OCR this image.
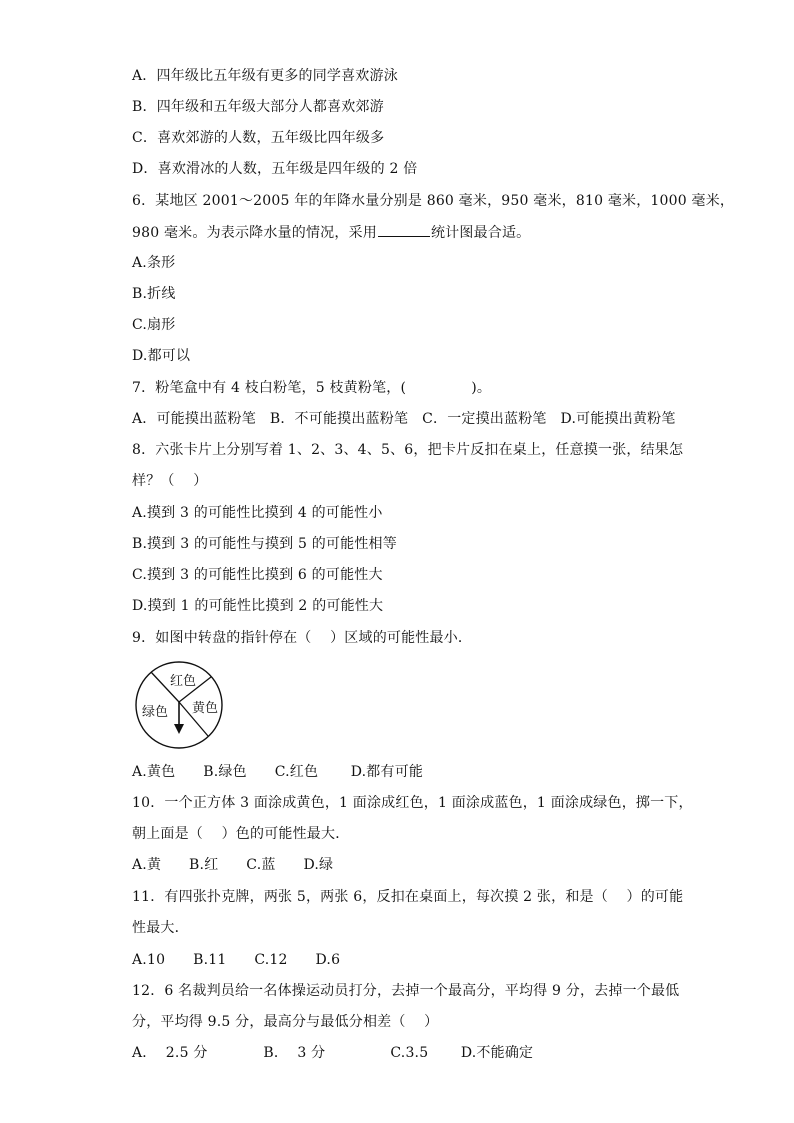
A．四年级比五年级有更多的同学喜欢游泳
B．四年级和五年级大部分人都喜欢郊游
C．喜欢郊游的人数，五年级比四年级多
D．喜欢滑冰的人数，五年级是四年级的 2 倍
6．某地区 2001～2005 年的年降水量分别是 860 毫米，950 毫米，810 毫米，1000 毫米，
980 毫米。为表示降水量的情况，采用	统计图最合适。
A.条形
B.折线
C.扇形
D.都可以
7．粉笔盒中有 4 枝白粉笔，5 枝黄粉笔，(              )。
A．可能摸出蓝粉笔   B．不可能摸出蓝粉笔   C．一定摸出蓝粉笔   D.可能摸出黄粉笔
8．六张卡片上分别写着 1、2、3、4、5、6，把卡片反扣在桌上，任意摸一张，结果怎
样？（    ）
A.摸到 3 的可能性比摸到 4 的可能性小
B.摸到 3 的可能性与摸到 5 的可能性相等
C.摸到 3 的可能性比摸到 6 的可能性大
D.摸到 1 的可能性比摸到 2 的可能性大
9．如图中转盘的指针停在（    ）区域的可能性最小．
红色
绿色 黄色
A.黄色      B.绿色      C.红色       D.都有可能
10．一个正方体 3 面涂成黄色，1 面涂成红色，1 面涂成蓝色，1 面涂成绿色，掷一下，
朝上面是（    ）色的可能性最大．
A.黄      B.红      C.蓝      D.绿
11．有四张扑克牌，两张 5，两张 6，反扣在桌面上，每次摸 2 张，和是（    ）的可能
性最大．
A.10      B.11      C.12      D.6
12．6 名裁判员给一名体操运动员打分，去掉一个最高分，平均得 9 分，去掉一个最低
分，平均得 9.5 分，最高分与最低分相差（    ）
A．  2.5 分            B．  3 分              C.3.5       D.不能确定
